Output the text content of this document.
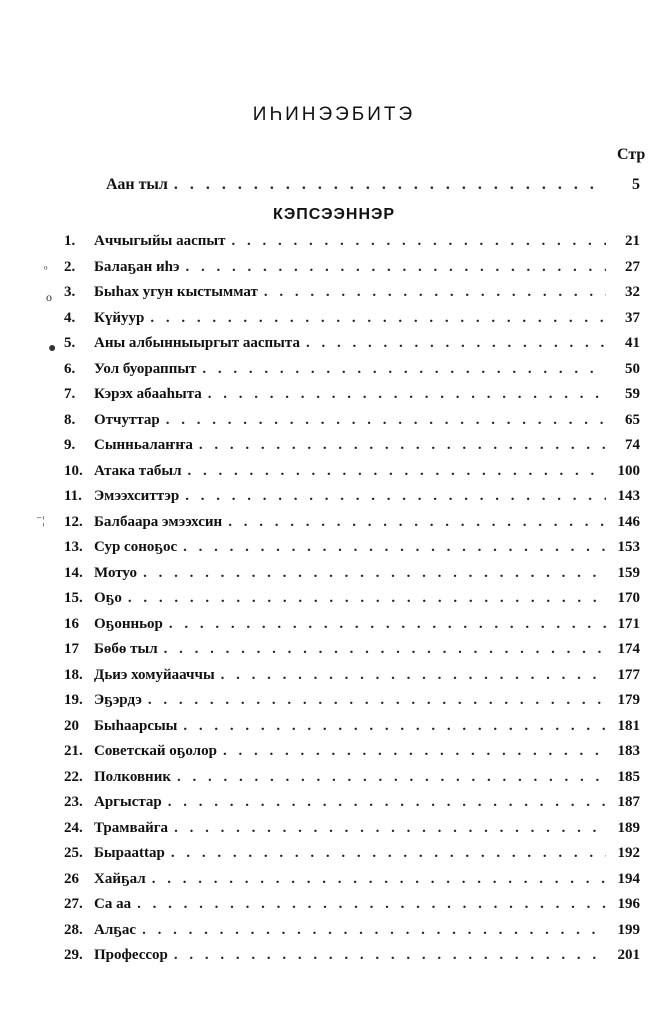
ИҺИНЭЭБИТЭ
Стр
Аан тыл . . .	5
КЭПСЭЭННЭР
1.	Аччыгыйы ааспыт . . .	21
2.	Балаҕан иһэ . . .	27
3.	Быһах угун кыстыммат . . .	32
4.	Күйуур . . .	37
5.	Аны албынныыргыт ааспыта . . .	41
6.	Уол буораппыт . . .	50
7.	Кэрэх абааһыта . . .	59
8.	Отчуттар . . .	65
9.	Сынньалаҥҥа . . .	74
10. Атака табыл . . .	100
11. Эмээхситтэр . . .	143
12. Балбаара эмээхсин . . .	146
13. Сур соноҕос . . .	153
14. Мотуо . . .	159
15. Оҕо . . .	170
16	Оҕонньор . . .	171
17	Бөбө тыл . . .	174
18. Дьиэ хомуйааччы . . .	177
19. Эҕэрдэ . . .	179
20	Быһаарсыы . . .	181
21. Советскай оҕолор . . .	183
22. Полковник . . .	185
23. Аргыстар . . .	187
24. Трамвайга . . .	189
25. Быраattар . . .	192
26	Хайҕал . . .	194
27. Са аа . . .	196
28. Алҕас . . .	199
29. Профессор . . .	201
ᵒ
o
●
⁻¦
